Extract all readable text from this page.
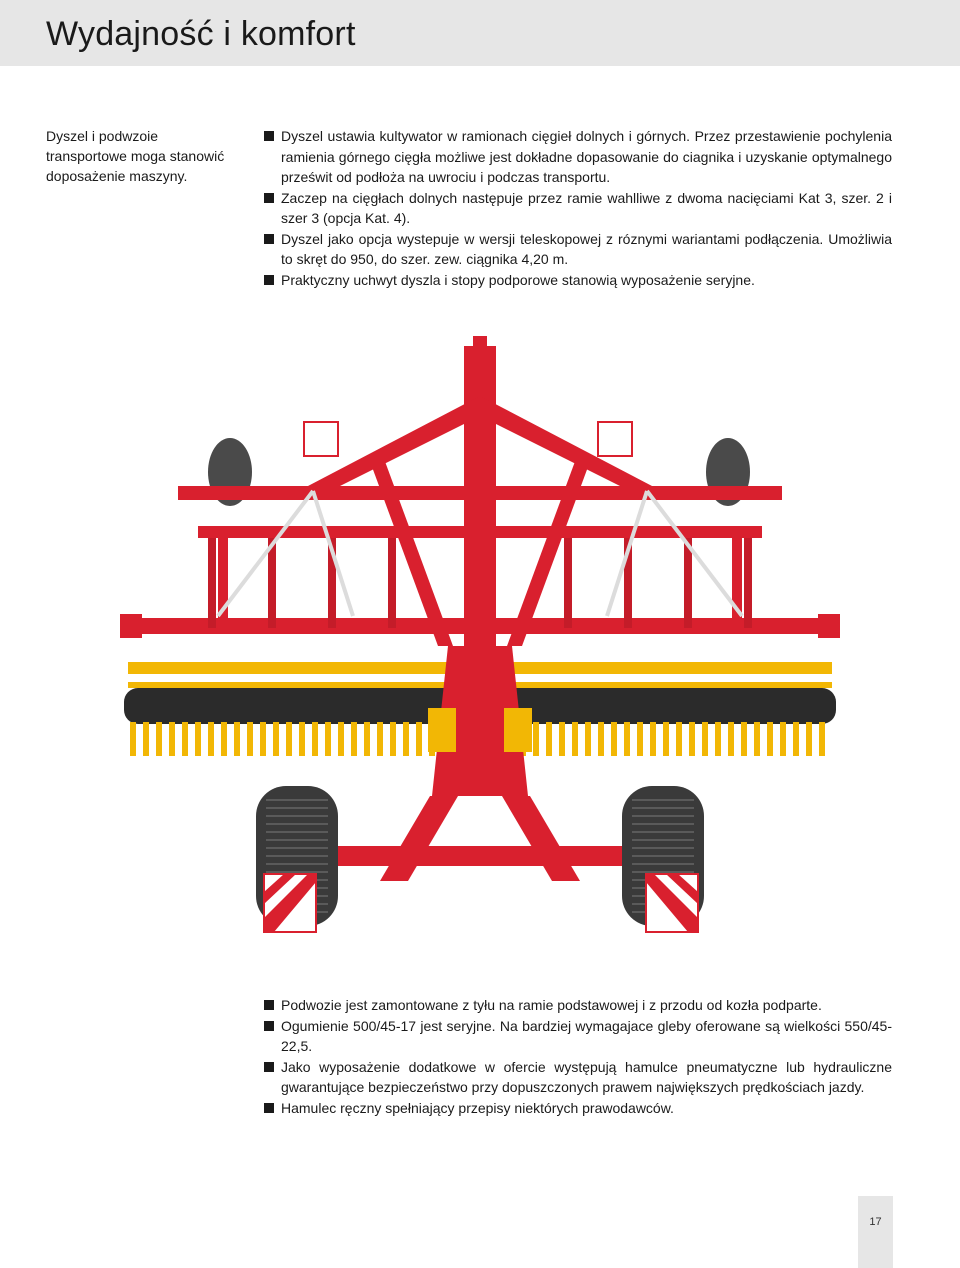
Wydajność i komfort
Dyszel i podwzoie transportowe moga stanowić doposażenie maszyny.
Dyszel ustawia kultywator w ramionach cięgieł dolnych i górnych. Przez przestawienie pochylenia ramienia górnego cięgła możliwe jest dokładne dopasowanie do ciagnika i uzyskanie optymalnego prześwit od podłoża na uwrociu i podczas transportu.
Zaczep na cięgłach dolnych następuje przez ramie wahlliwe z dwoma nacięciami Kat 3, szer. 2 i szer 3 (opcja Kat. 4).
Dyszel jako opcja wystepuje w wersji teleskopowej z róznymi wariantami podłączenia. Umożliwia to skręt do 950, do szer. zew. ciągnika 4,20 m.
Praktyczny uchwyt dyszla i stopy podporowe stanowią wyposażenie seryjne.
Podwozie jest zamontowane z tyłu na ramie podstawowej i z przodu od kozła podparte.
Ogumienie 500/45-17 jest seryjne. Na bardziej wymagajace gleby oferowane są wielkości 550/45-22,5.
Jako wyposażenie dodatkowe w ofercie występują hamulce pneumatyczne lub hydrauliczne gwarantujące bezpieczeństwo przy dopuszczonych prawem największych prędkościach jazdy.
Hamulec ręczny spełniający przepisy niektórych prawodawców.
17
